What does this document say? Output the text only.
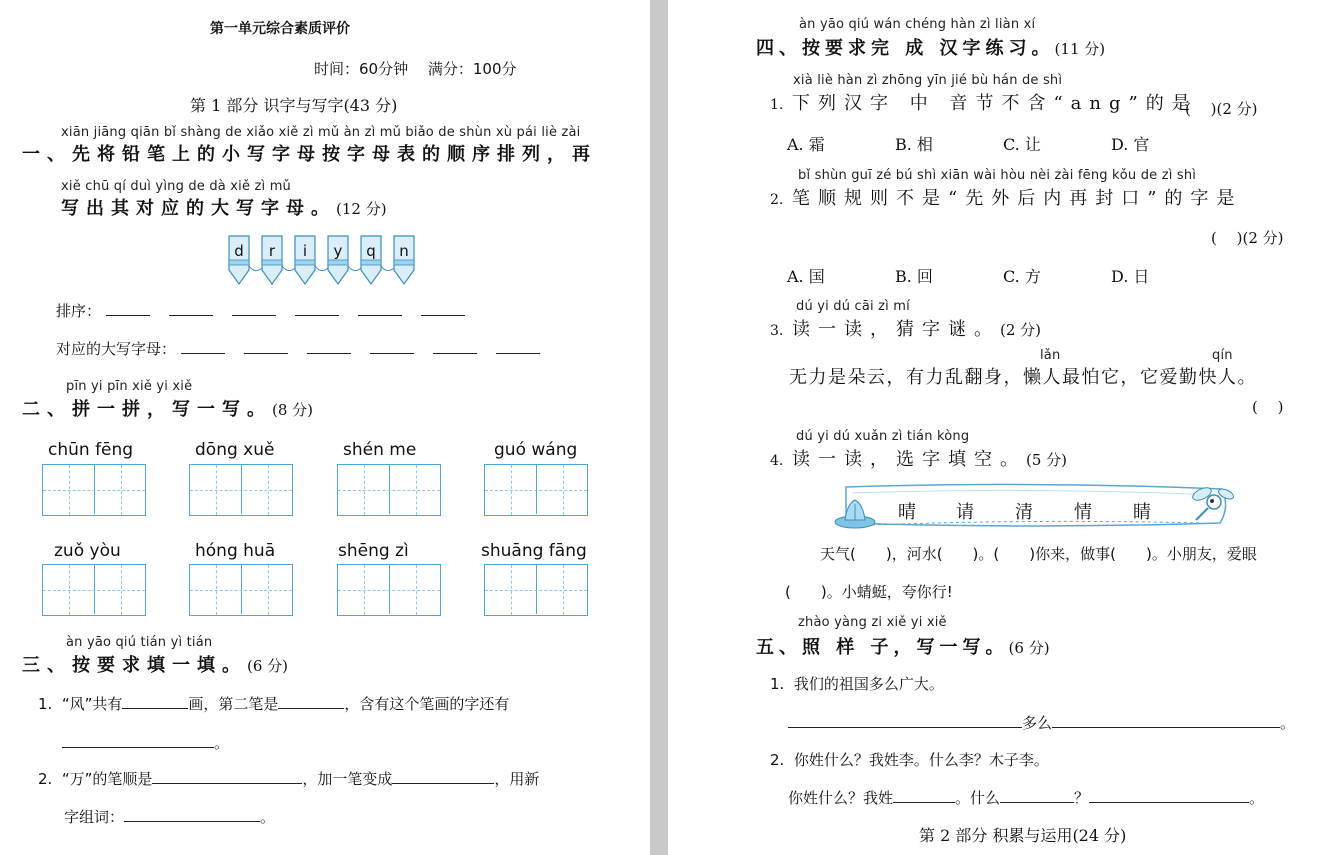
第一单元综合素质评价
时间：60分钟　 满分：100分
第 1 部分 识字与写字(43 分)
xiān jiāng qiān bǐ shàng de xiǎo xiě zì mǔ àn zì mǔ biǎo de shùn xù pái liè zài
一、先将铅笔上的小写字母按字母表的顺序排列，再
xiě chū qí duì yìng de dà xiě zì mǔ
写出其对应的大写字母。(12 分)
d r i y q n
排序：
对应的大写字母：
pīn yi pīn xiě yi xiě
二、拼一拼，写一写。(8 分)
chūn fēng	dōng xuě	shén me	guó wáng
zuǒ yòu	hóng huā	shēng zì	shuāng fāng
àn yāo qiú tián yì tián
三、按要求填一填。(6 分)
1. “风”共有	画，第二笔是	，含有这个笔画的字还有
。
2. “万”的笔顺是	，加一笔变成	，用新
字组词：	。
àn yāo qiú wán chéng hàn zì liàn xí
四、按要求完 成 汉字练习。(11 分)
xià liè hàn zì zhōng yīn jié bù hán de shì
1. 下列汉字 中 音节不含“ang”的是
(　 )(2 分)
A. 霜	B. 相	C. 让	D. 官
bǐ shùn guī zé bú shì xiān wài hòu nèi zài fēng kǒu de zì shì
2. 笔顺规则不是“先外后内再封口”的字是
(　 )(2 分)
A. 国	B. 回	C. 方	D. 日
dú yi dú cāi zì mí
3. 读一读，猜字谜。(2 分)
lǎn	qín
无力是朵云，有力乱翻身，懒人最怕它，它爱勤快人。
(　 )
dú yi dú xuǎn zì tián kòng
4. 读一读，选字填空。(5 分)
晴 请 清 情 睛
天气(　　)，河水(　　)。(　　)你来，做事(　　)。小朋友，爱眼
(　　)。小蜻蜓，夸你行!
zhào yàng zi xiě yi xiě
五、照 样 子，写一写。(6 分)
1. 我们的祖国多么广大。
多么	。
2. 你姓什么？我姓李。什么李？木子李。
你姓什么？我姓	。什么	？	。
第 2 部分 积累与运用(24 分)
